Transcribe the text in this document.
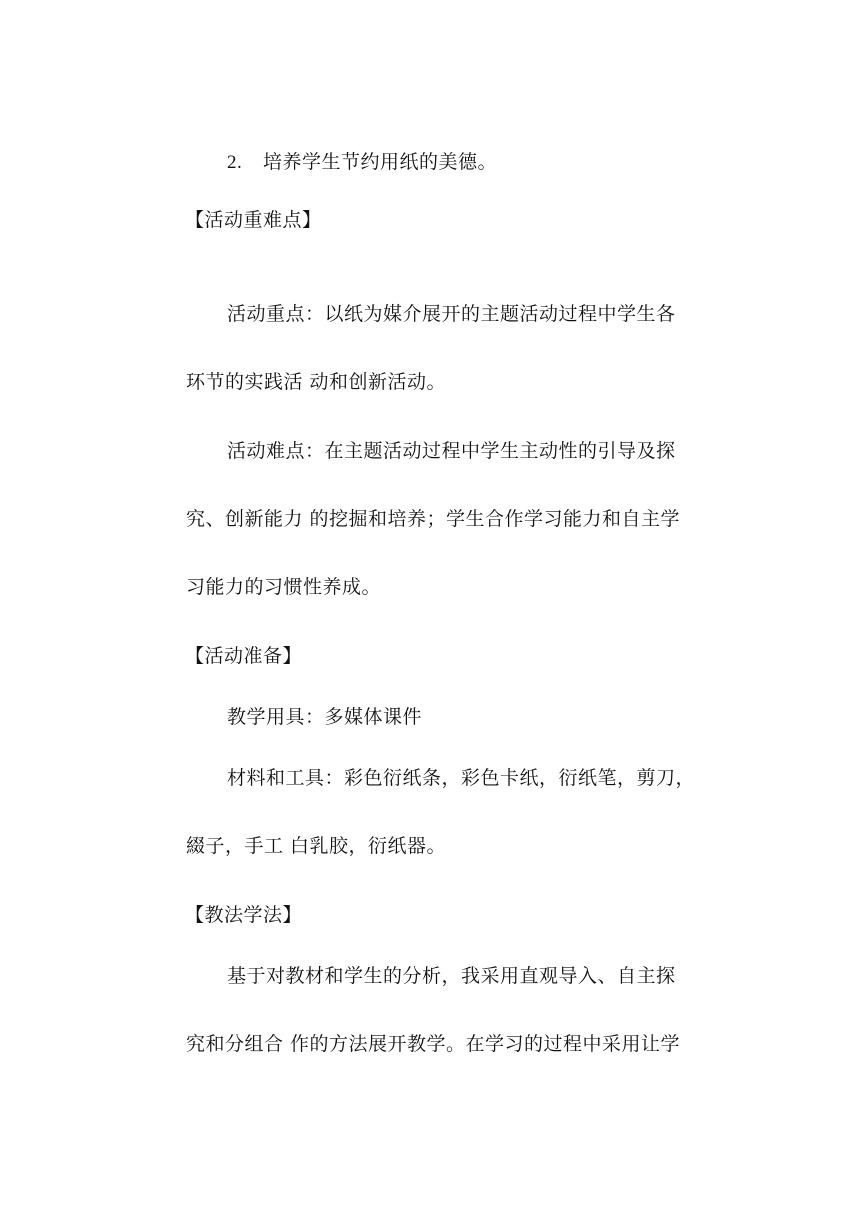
2. 培养学生节约用纸的美德。
【活动重难点】
活动重点：以纸为媒介展开的主题活动过程中学生各
环节的实践活 动和创新活动。
活动难点：在主题活动过程中学生主动性的引导及探
究、创新能力 的挖掘和培养；学生合作学习能力和自主学
习能力的习惯性养成。
【活动准备】
教学用具：多媒体课件
材料和工具：彩色衍纸条，彩色卡纸，衍纸笔，剪刀，
綴子，手工 白乳胶，衍纸器。
【教法学法】
基于对教材和学生的分析，我采用直观导入、自主探
究和分组合 作的方法展开教学。在学习的过程中采用让学
